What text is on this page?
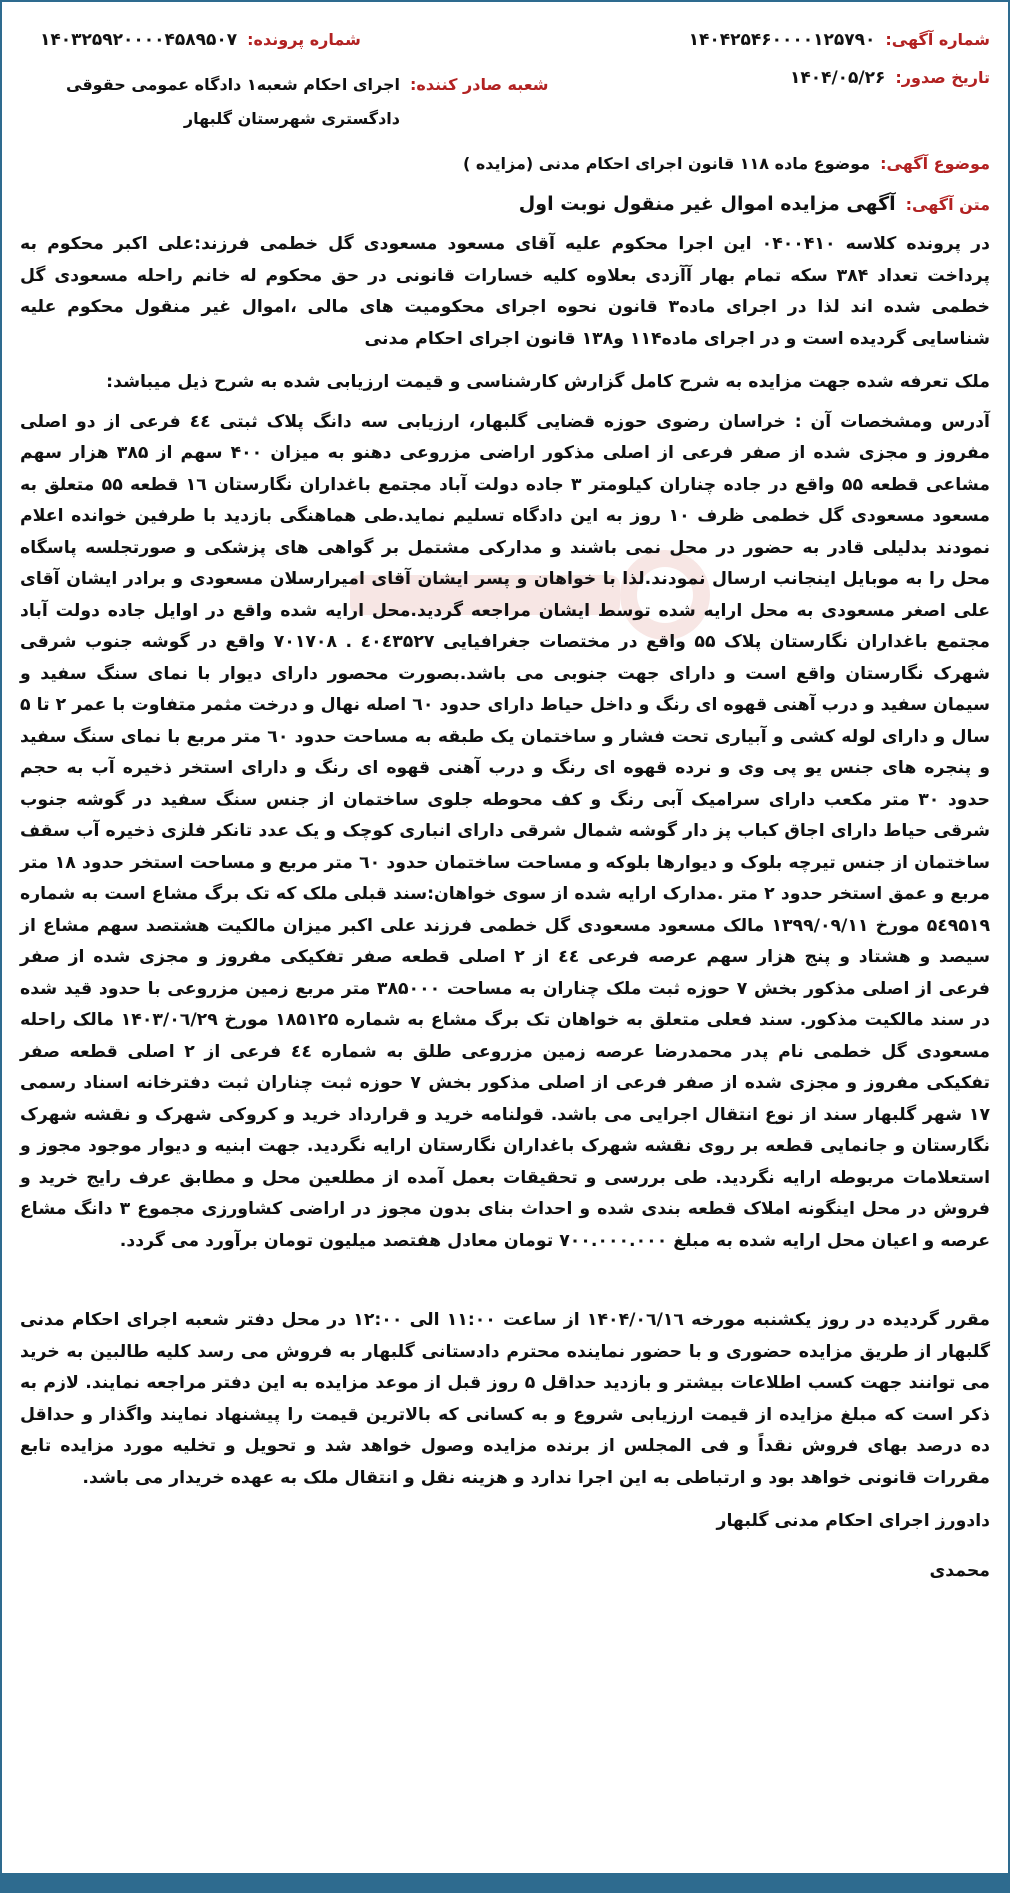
شماره آگهی:
۱۴۰۴۲۵۴۶۰۰۰۰۱۲۵۷۹۰
شماره پرونده:
۱۴۰۳۲۵۹۲۰۰۰۰۴۵۸۹۵۰۷
تاریخ صدور:
۱۴۰۴/۰۵/۲۶
شعبه صادر کننده:
اجرای احکام شعبه۱ دادگاه عمومی حقوقی دادگستری شهرستان گلبهار
موضوع آگهی:
موضوع ماده ۱۱۸ قانون اجرای احکام مدنی (مزایده )
متن آگهی:
آگهی مزایده اموال غیر منقول نوبت اول

در پرونده کلاسه ۰۴۰۰۴۱۰ این اجرا محکوم علیه آقای مسعود مسعودی گل خطمی فرزند:علی اکبر محکوم به پرداخت تعداد ۳۸۴ سکه تمام بهار آآزدی بعلاوه کلیه خسارات قانونی در حق محکوم له خانم راحله مسعودی گل خطمی شده اند لذا در اجرای ماده۳ قانون نحوه اجرای محکومیت های مالی ،اموال غیر منقول محکوم علیه شناسایی گردیده است و در اجرای ماده۱۱۴ و۱۳۸ قانون اجرای احکام مدنی

ملک تعرفه شده جهت مزایده به شرح کامل گزارش کارشناسی و قیمت ارزیابی شده به شرح ذیل میباشد:

آدرس ومشخصات آن : خراسان رضوی حوزه قضایی گلبهار، ارزیابی سه دانگ پلاک ثبتی ٤٤ فرعی از دو اصلی مفروز و مجزی شده از صفر فرعی از اصلی مذکور اراضی مزروعی دهنو به میزان ۴۰۰ سهم از ۳۸۵ هزار سهم مشاعی قطعه ۵۵ واقع در جاده چناران کیلومتر ۳ جاده دولت آباد مجتمع باغداران نگارستان ۱٦ قطعه ۵۵ متعلق به مسعود مسعودی گل خطمی ظرف ۱۰ روز به این دادگاه تسلیم نماید.طی هماهنگی بازدید با طرفین خوانده اعلام نمودند بدلیلی قادر به حضور در محل نمی باشند و مدارکی مشتمل بر گواهی های پزشکی و صورتجلسه پاسگاه محل را به موبایل اینجانب ارسال نمودند.لذا با خواهان و پسر ایشان آقای امیرارسلان مسعودی و برادر ایشان آقای علی اصغر مسعودی به محل ارایه شده توسط ایشان مراجعه گردید.محل ارایه شده واقع در اوایل جاده دولت آباد مجتمع باغداران نگارستان پلاک ۵۵ واقع در مختصات جغرافیایی ٤٠٤٣۵٢٧ . ٧٠١٧٠٨ واقع در گوشه جنوب شرقی شهرک نگارستان واقع است و دارای جهت جنوبی می باشد.بصورت محصور دارای دیوار با نمای سنگ سفید و سیمان سفید و درب آهنی قهوه ای رنگ و داخل حیاط دارای حدود ٦٠ اصله نهال و درخت مثمر متفاوت با عمر ۲ تا ۵ سال و دارای لوله کشی و آبیاری تحت فشار و ساختمان یک طبقه به مساحت حدود ٦٠ متر مربع با نمای سنگ سفید و پنجره های جنس یو پی وی و نرده قهوه ای رنگ و درب آهنی قهوه ای رنگ و دارای استخر ذخیره آب به حجم حدود ۳۰ متر مکعب دارای سرامیک آبی رنگ و کف محوطه جلوی ساختمان از جنس سنگ سفید در گوشه جنوب شرقی حیاط دارای اجاق کباب پز دار گوشه شمال شرقی دارای انباری کوچک و یک عدد تانکر فلزی ذخیره آب سقف ساختمان از جنس تیرچه بلوک و دیوارها بلوکه و مساحت ساختمان حدود ٦٠ متر مربع و مساحت استخر حدود ۱۸ متر مربع و عمق استخر حدود ۲ متر .مدارک ارایه شده از سوی خواهان:سند قبلی ملک که تک برگ مشاع است به شماره ۵٤٩۵١٩ مورخ ۱۳۹۹/۰۹/۱۱ مالک مسعود مسعودی گل خطمی فرزند علی اکبر میزان مالکیت هشتصد سهم مشاع از سیصد و هشتاد و پنج هزار سهم عرصه فرعی ٤٤ از ۲ اصلی قطعه صفر تفکیکی مفروز و مجزی شده از صفر فرعی از اصلی مذکور بخش ۷ حوزه ثبت ملک چناران به مساحت ۳۸۵۰۰۰ متر مربع زمین مزروعی با حدود قید شده در سند مالکیت مذکور. سند فعلی متعلق به خواهان تک برگ مشاع به شماره ۱۸۵۱۲۵ مورخ ۱۴۰۳/۰٦/۲۹ مالک راحله مسعودی گل خطمی نام پدر محمدرضا عرصه زمین مزروعی طلق به شماره ٤٤ فرعی از ۲ اصلی قطعه صفر تفکیکی مفروز و مجزی شده از صفر فرعی از اصلی مذکور بخش ۷ حوزه ثبت چناران ثبت دفترخانه اسناد رسمی ۱۷ شهر گلبهار سند از نوع انتقال اجرایی می باشد. قولنامه خرید و قرارداد خرید و کروکی شهرک و نقشه شهرک نگارستان و جانمایی قطعه بر روی نقشه شهرک باغداران نگارستان ارایه نگردید. جهت ابنیه و دیوار موجود مجوز و استعلامات مربوطه ارایه نگردید. طی بررسی و تحقیقات بعمل آمده از مطلعین محل و مطابق عرف رایج خرید و فروش در محل اینگونه املاک قطعه بندی شده و احداث بنای بدون مجوز در اراضی کشاورزی مجموع ۳ دانگ مشاع عرصه و اعیان محل ارایه شده به مبلغ ۷۰۰.۰۰۰.۰۰۰ تومان معادل هفتصد میلیون تومان برآورد می گردد.

مقرر گردیده در روز یکشنبه مورخه ۱۴۰۴/۰٦/۱٦ از ساعت ۱۱:۰۰ الی ۱۲:۰۰ در محل دفتر شعبه اجرای احکام مدنی گلبهار از طریق مزایده حضوری و با حضور نماینده محترم دادستانی گلبهار به فروش می رسد کلیه طالبین به خرید می توانند جهت کسب اطلاعات بیشتر و بازدید حداقل ۵ روز قبل از موعد مزایده به این دفتر مراجعه نمایند. لازم به ذکر است که مبلغ مزایده از قیمت ارزیابی شروع و به کسانی که بالاترین قیمت را پیشنهاد نمایند واگذار و حداقل ده درصد بهای فروش نقداً و فی المجلس از برنده مزایده وصول خواهد شد و تحویل و تخلیه مورد مزایده تابع مقررات قانونی خواهد بود و ارتباطی به این اجرا ندارد و هزینه نقل و انتقال ملک به عهده خریدار می باشد.

دادورز اجرای احکام مدنی گلبهار
محمدی
